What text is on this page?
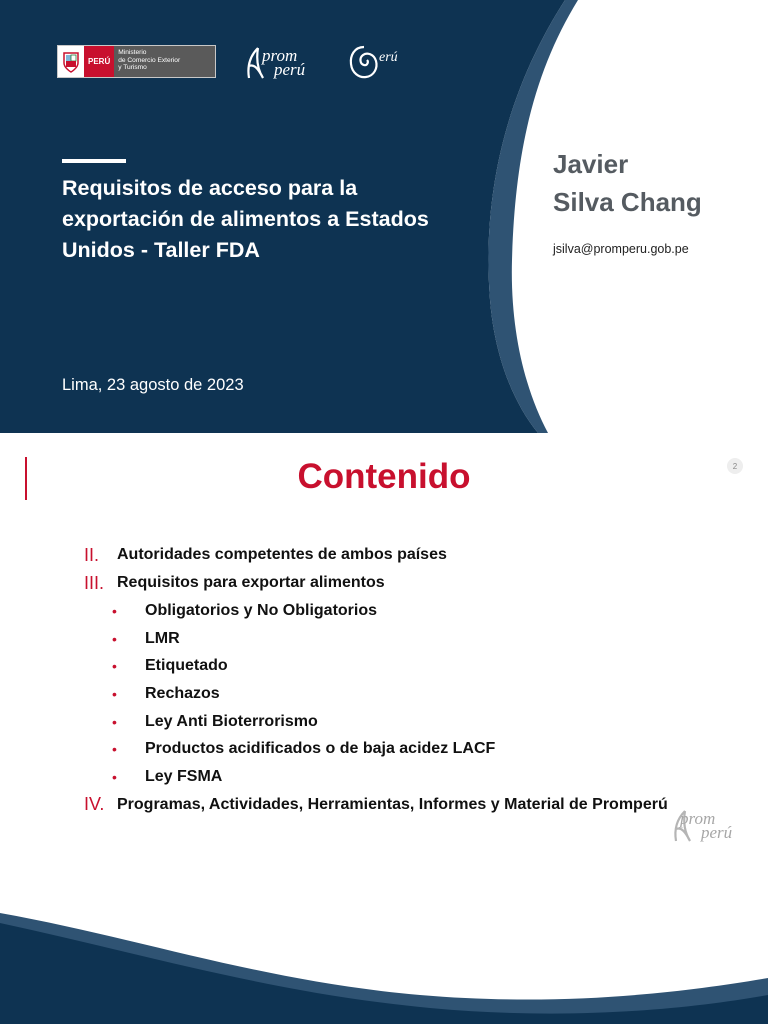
PERÚ
Ministerio
de Comercio Exterior
y Turismo
prom
perú
erú
Requisitos de acceso para la exportación de alimentos a Estados Unidos - Taller FDA
Lima, 23 agosto de 2023
Javier
Silva Chang
jsilva@promperu.gob.pe
2
Contenido
II.	Autoridades competentes de ambos países
III. Requisitos para exportar alimentos
•	Obligatorios y No Obligatorios
•	LMR
•	Etiquetado
•	Rechazos
•	Ley Anti Bioterrorismo
•	Productos acidificados o de baja acidez LACF
•	Ley FSMA
IV. Programas, Actividades, Herramientas, Informes y Material de Promperú
prom
perú
